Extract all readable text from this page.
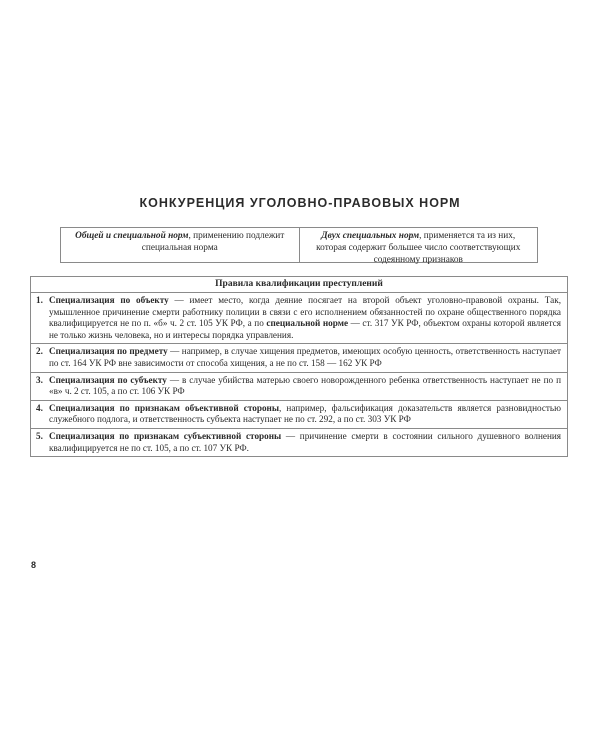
КОНКУРЕНЦИЯ УГОЛОВНО-ПРАВОВЫХ НОРМ
Общей и специальной норм, применению подлежит специальная норма
Двух специальных норм, применяется та из них, которая содержит большее число соответствующих содеянному признаков
Правила квалификации преступлений
1. Специализация по объекту — имеет место, когда деяние посягает на второй объект уголовно-правовой охраны. Так, умышленное причинение смерти работнику полиции в связи с его исполнением обязанностей по охране общественного порядка квалифицируется не по п. «б» ч. 2 ст. 105 УК РФ, а по специальной норме — ст. 317 УК РФ, объектом охраны которой является не только жизнь человека, но и интересы порядка управления.
2. Специализация по предмету — например, в случае хищения предметов, имеющих особую ценность, ответственность наступает по ст. 164 УК РФ вне зависимости от способа хищения, а не по ст. 158 — 162 УК РФ
3. Специализация по субъекту — в случае убийства матерью своего новорожденного ребенка ответственность наступает не по п «в» ч. 2 ст. 105, а по ст. 106 УК РФ
4. Специализация по признакам объективной стороны, например, фальсификация доказательств является разновидностью служебного подлога, и ответственность субъекта наступает не по ст. 292, а по ст. 303 УК РФ
5. Специализация по признакам субъективной стороны — причинение смерти в состоянии сильного душевного волнения квалифицируется не по ст. 105, а по ст. 107 УК РФ.
8
